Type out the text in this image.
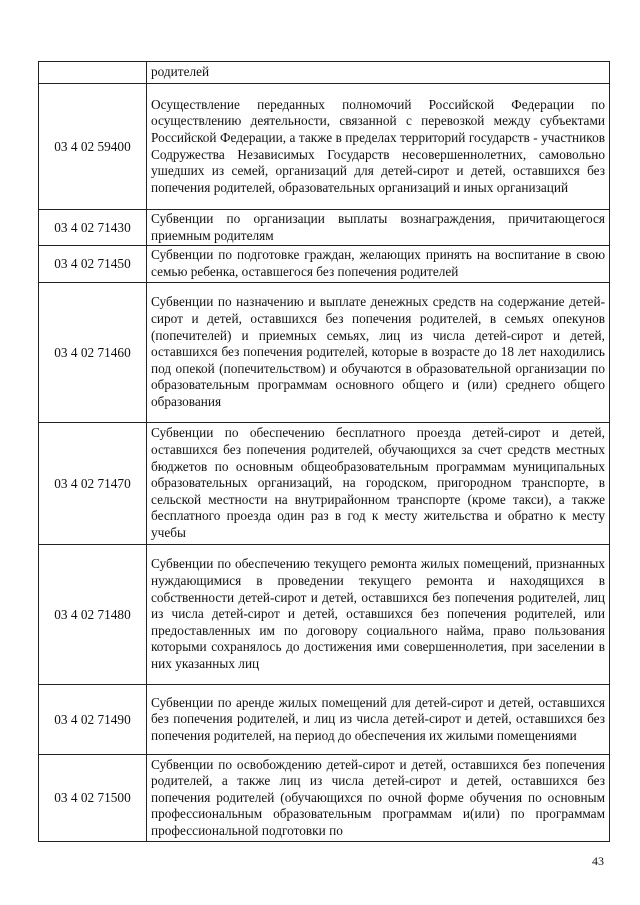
	родителей
03 4 02 59400	Осуществление переданных полномочий Российской Федерации по осуществлению деятельности, связанной с перевозкой между субъектами Российской Федерации, а также в пределах территорий государств - участников Содружества Независимых Государств несовершеннолетних, самовольно ушедших из семей, организаций для детей-сирот и детей, оставшихся без попечения родителей, образовательных организаций и иных организаций
03 4 02 71430	Субвенции по организации выплаты вознаграждения, причитающегося приемным родителям
03 4 02 71450	Субвенции по подготовке граждан, желающих принять на воспитание в свою семью ребенка, оставшегося без попечения родителей
03 4 02 71460	Субвенции по назначению и выплате денежных средств на содержание детей-сирот и детей, оставшихся без попечения родителей, в семьях опекунов (попечителей) и приемных семьях, лиц из числа детей-сирот и детей, оставшихся без попечения родителей, которые в возрасте до 18 лет находились под опекой (попечительством) и обучаются в образовательной организации по образовательным программам основного общего и (или) среднего общего образования
03 4 02 71470	Субвенции по обеспечению бесплатного проезда детей-сирот и детей, оставшихся без попечения родителей, обучающихся за счет средств местных бюджетов по основным общеобразовательным программам муниципальных образовательных организаций, на городском, пригородном транспорте, в сельской местности на внутрирайонном транспорте (кроме такси), а также бесплатного проезда один раз в год к месту жительства и обратно к месту учебы
03 4 02 71480	Субвенции по обеспечению текущего ремонта жилых помещений, признанных нуждающимися в проведении текущего ремонта и находящихся в собственности детей-сирот и детей, оставшихся без попечения родителей, лиц из числа детей-сирот и детей, оставшихся без попечения родителей, или предоставленных им по договору социального найма, право пользования которыми сохранялось до достижения ими совершеннолетия, при заселении в них указанных лиц
03 4 02 71490	Субвенции по аренде жилых помещений для детей-сирот и детей, оставшихся без попечения родителей, и лиц из числа детей-сирот и детей, оставшихся без попечения родителей, на период до обеспечения их жилыми помещениями
03 4 02 71500	Субвенции по освобождению детей-сирот и детей, оставшихся без попечения родителей, а также лиц из числа детей-сирот и детей, оставшихся без попечения родителей (обучающихся по очной форме обучения по основным профессиональным образовательным программам и(или) по программам профессиональной подготовки по
43
